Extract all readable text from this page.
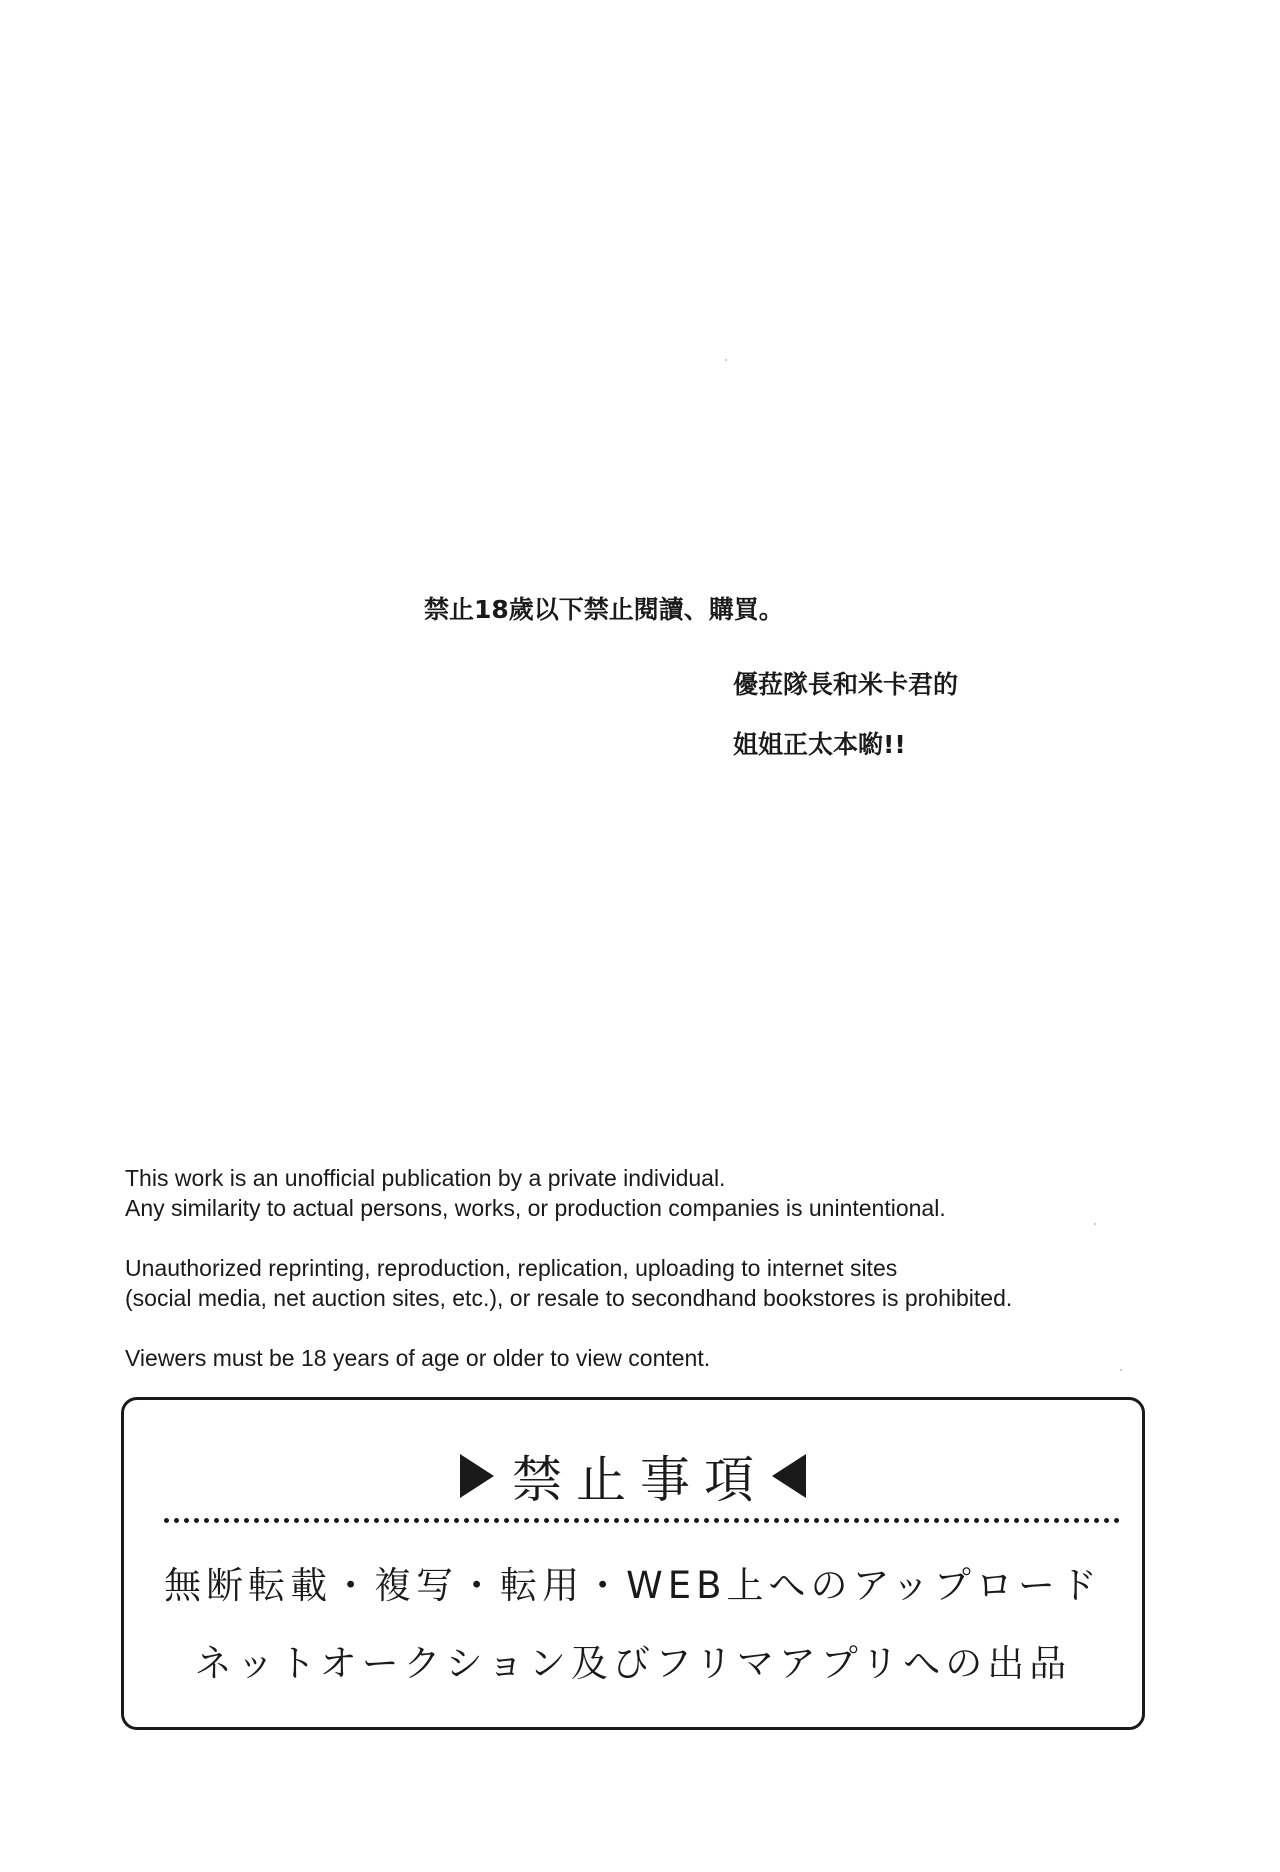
禁止18歲以下禁止閱讀、購買。
優菈隊長和米卡君的
姐姐正太本喲!!

This work is an unofficial publication by a private individual.

Any similarity to actual persons, works, or production companies is unintentional.

Unauthorized reprinting, reproduction, replication, uploading to internet sites

(social media, net auction sites, etc.), or resale to secondhand bookstores is prohibited.

Viewers must be 18 years of age or older to view content.

禁止事項
無断転載・複写・転用・WEB上へのアップロード
ネットオークション及びフリマアプリへの出品
